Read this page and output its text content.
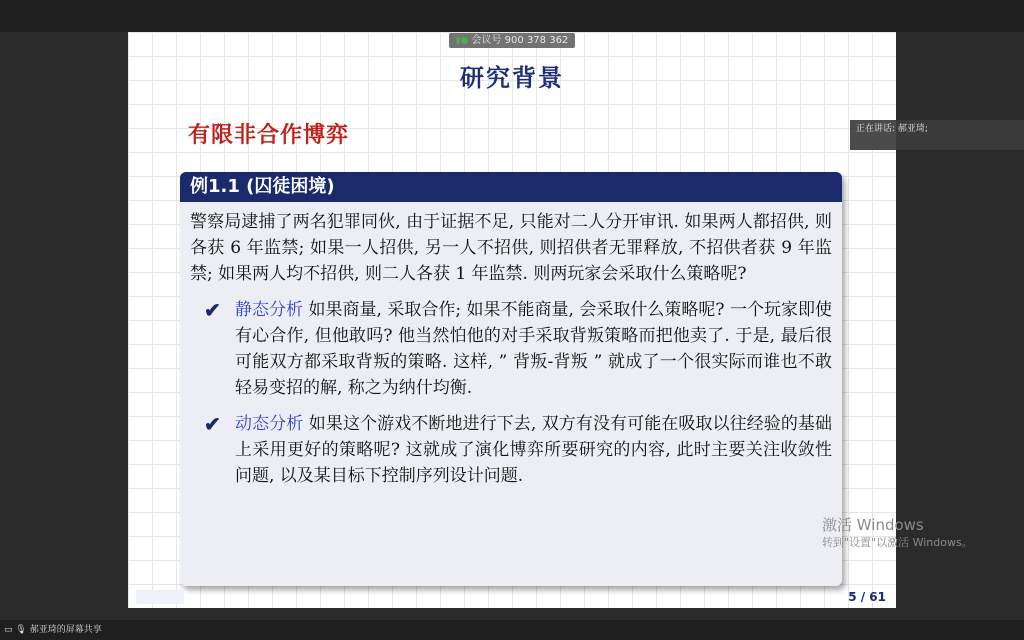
研究背景
有限非合作博弈
例1.1 (囚徒困境)
警察局逮捕了两名犯罪同伙, 由于证据不足, 只能对二人分开审讯. 如果两人都招供, 则各获 6 年监禁; 如果一人招供, 另一人不招供, 则招供者无罪释放, 不招供者获 9 年监禁; 如果两人均不招供, 则二人各获 1 年监禁. 则两玩家会采取什么策略呢?
✔ 静态分析 如果商量, 采取合作; 如果不能商量, 会采取什么策略呢? 一个玩家即使有心合作, 但他敢吗? 他当然怕他的对手采取背叛策略而把他卖了. 于是, 最后很可能双方都采取背叛的策略. 这样, ” 背叛-背叛 ” 就成了一个很实际而谁也不敢轻易变招的解, 称之为纳什均衡.
✔ 动态分析 如果这个游戏不断地进行下去, 双方有没有可能在吸取以往经验的基础上采用更好的策略呢? 这就成了演化博弈所要研究的内容, 此时主要关注收敛性问题, 以及某目标下控制序列设计问题.
5 / 61
▮● 会议号 900 378 362
正在讲话: 郝亚琦;
激活 Windows
转到"设置"以激活 Windows。
▭ 🎙 郝亚琦的屏幕共享
